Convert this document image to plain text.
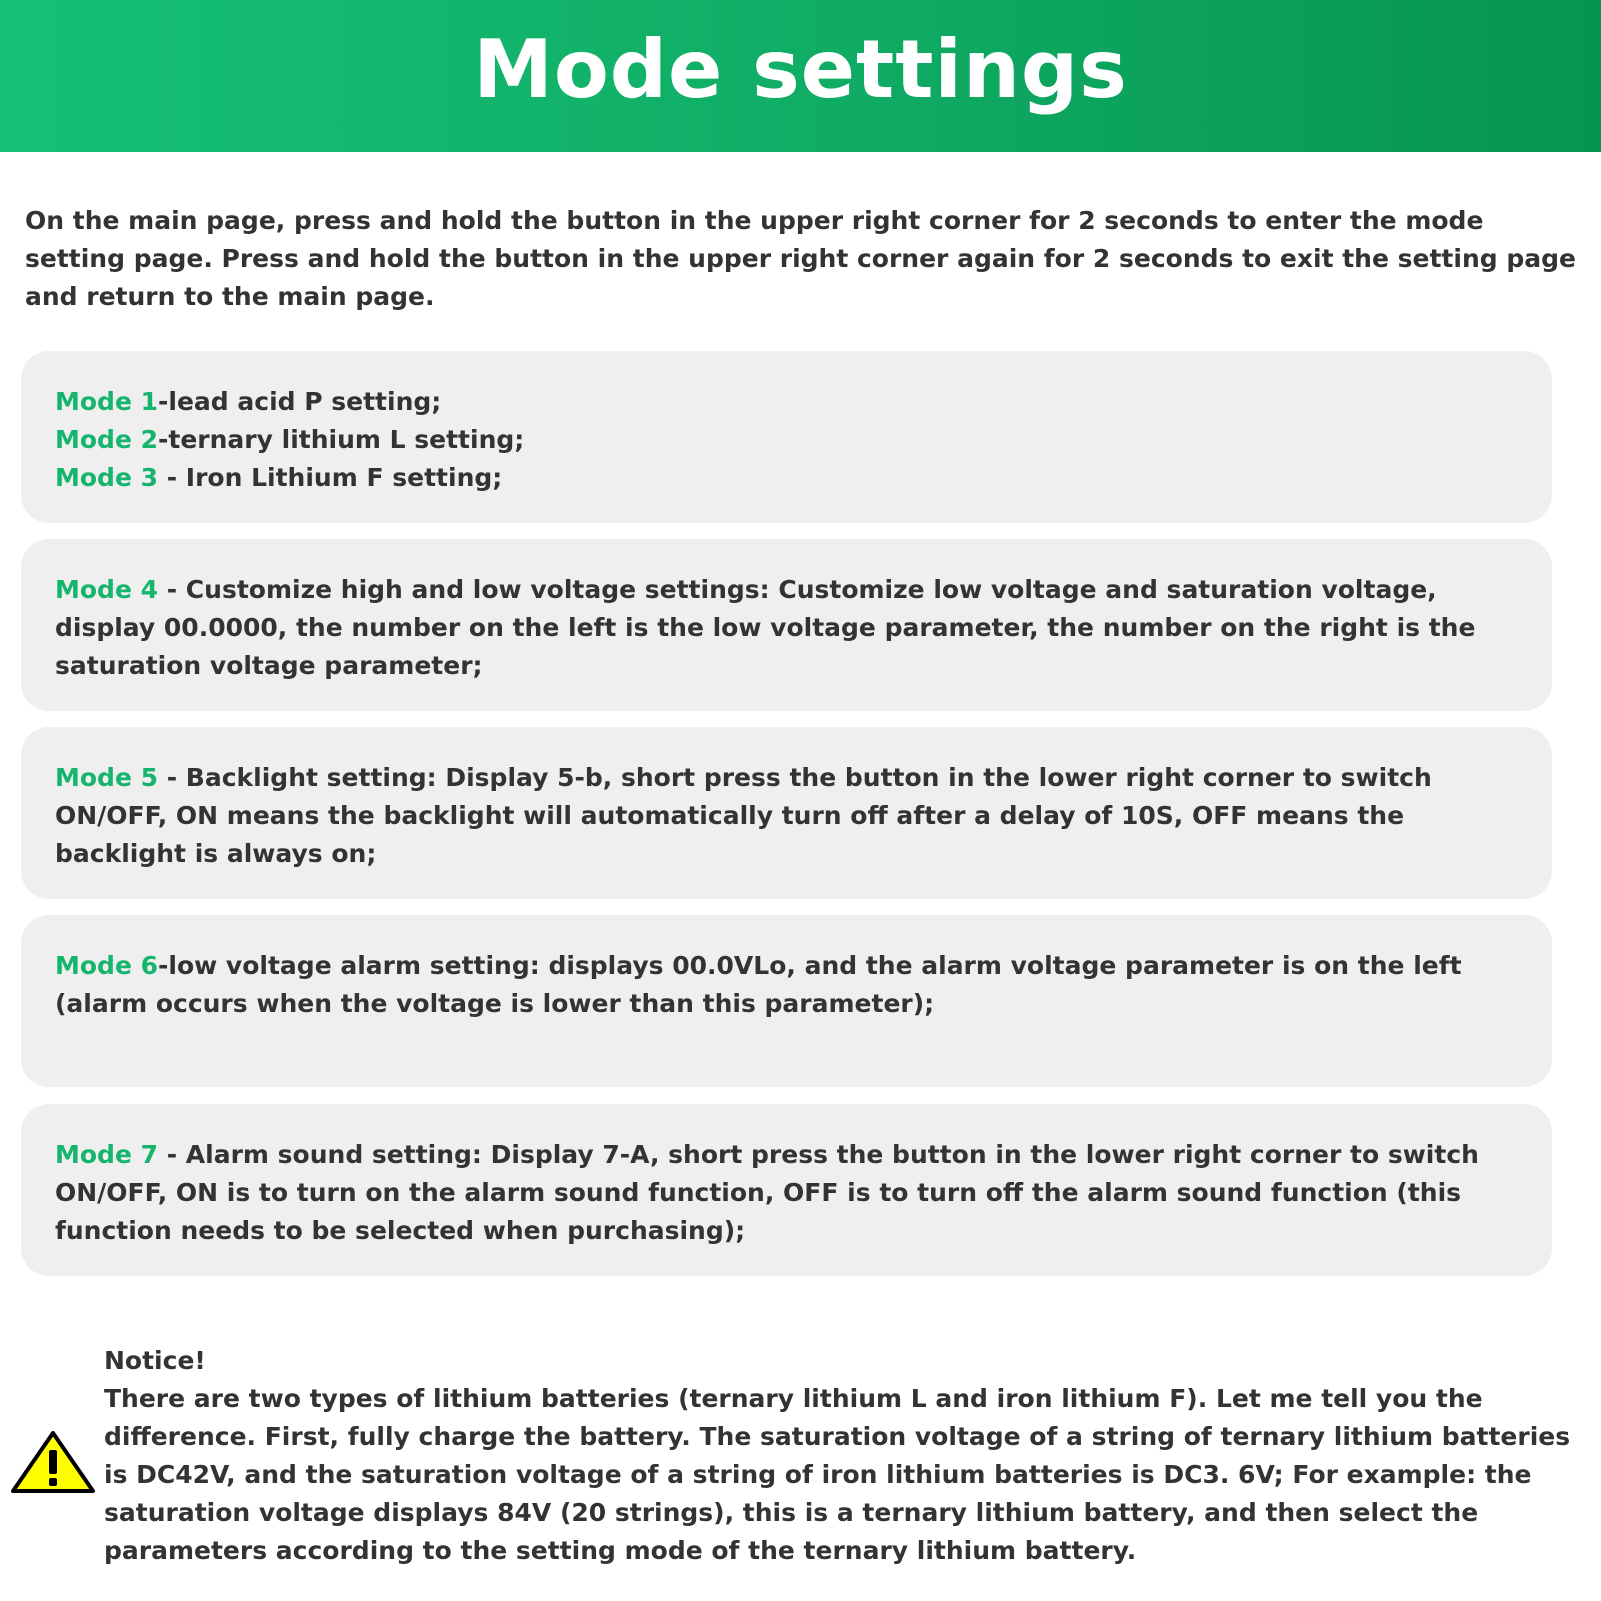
Mode settings
On the main page, press and hold the button in the upper right corner for 2 seconds to enter the mode setting page. Press and hold the button in the upper right corner again for 2 seconds to exit the setting page and return to the main page.

Mode 1-lead acid P setting;

Mode 2-ternary lithium L setting;

Mode 3 - Iron Lithium F setting;

Mode 4 - Customize high and low voltage settings: Customize low voltage and saturation voltage, display 00.0000, the number on the left is the low voltage parameter, the number on the right is the saturation voltage parameter;

Mode 5 - Backlight setting: Display 5-b, short press the button in the lower right corner to switch ON/OFF, ON means the backlight will automatically turn off after a delay of 10S, OFF means the backlight is always on;

Mode 6-low voltage alarm setting: displays 00.0VLo, and the alarm voltage parameter is on the left (alarm occurs when the voltage is lower than this parameter);

Mode 7 - Alarm sound setting: Display 7-A, short press the button in the lower right corner to switch ON/OFF, ON is to turn on the alarm sound function, OFF is to turn off the alarm sound function (this function needs to be selected when purchasing);

Notice!

There are two types of lithium batteries (ternary lithium L and iron lithium F). Let me tell you the difference. First, fully charge the battery. The saturation voltage of a string of ternary lithium batteries is DC42V, and the saturation voltage of a string of iron lithium batteries is DC3. 6V; For example: the saturation voltage displays 84V (20 strings), this is a ternary lithium battery, and then select the parameters according to the setting mode of the ternary lithium battery.
